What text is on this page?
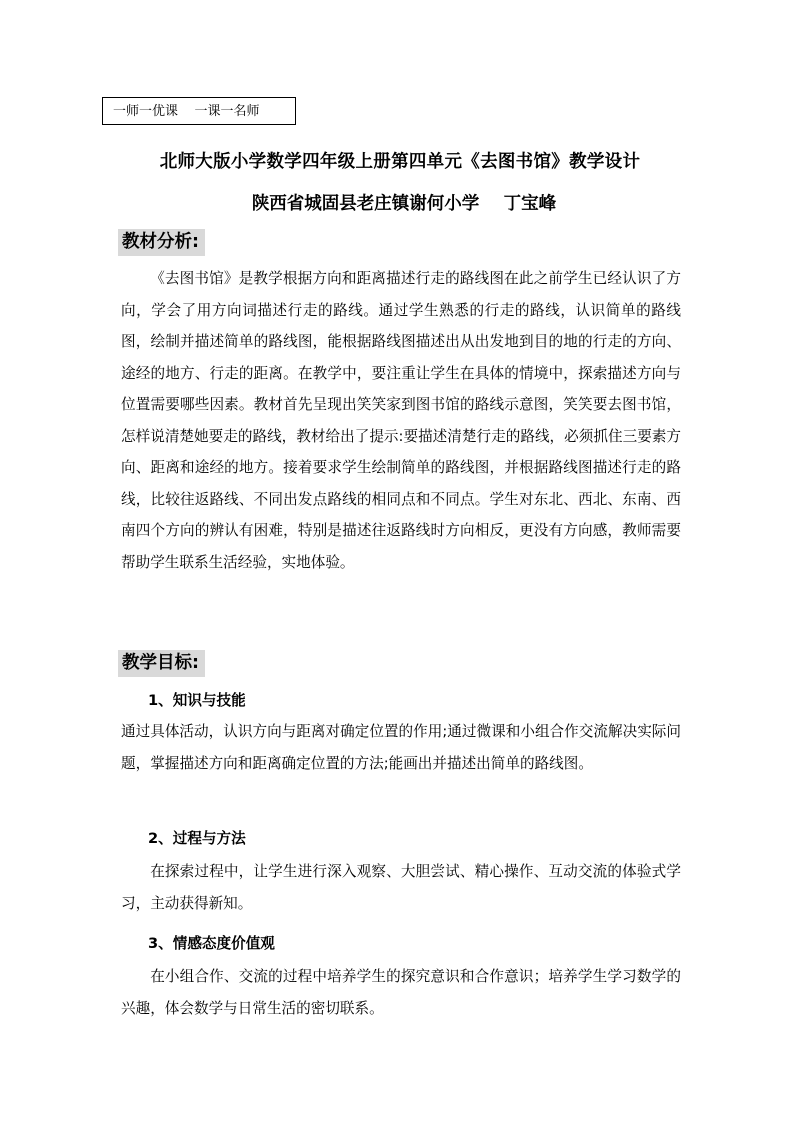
一师一优课    一课一名师
北师大版小学数学四年级上册第四单元《去图书馆》教学设计
陕西省城固县老庄镇谢何小学    丁宝峰
教材分析:

《去图书馆》是教学根据方向和距离描述行走的路线图在此之前学生已经认识了方向，学会了用方向词描述行走的路线。通过学生熟悉的行走的路线，认识简单的路线图，绘制并描述简单的路线图，能根据路线图描述出从出发地到目的地的行走的方向、途经的地方、行走的距离。在教学中，要注重让学生在具体的情境中，探索描述方向与位置需要哪些因素。教材首先呈现出笑笑家到图书馆的路线示意图，笑笑要去图书馆，怎样说清楚她要走的路线，教材给出了提示:要描述清楚行走的路线，必须抓住三要素方向、距离和途经的地方。接着要求学生绘制简单的路线图，并根据路线图描述行走的路线，比较往返路线、不同出发点路线的相同点和不同点。学生对东北、西北、东南、西南四个方向的辨认有困难，特别是描述往返路线时方向相反，更没有方向感，教师需要帮助学生联系生活经验，实地体验。

教学目标:
1、知识与技能

通过具体活动，认识方向与距离对确定位置的作用;通过微课和小组合作交流解决实际问题，掌握描述方向和距离确定位置的方法;能画出并描述出简单的路线图。

2、过程与方法

在探索过程中，让学生进行深入观察、大胆尝试、精心操作、互动交流的体验式学习，主动获得新知。

3、情感态度价值观

在小组合作、交流的过程中培养学生的探究意识和合作意识；培养学生学习数学的兴趣，体会数学与日常生活的密切联系。
